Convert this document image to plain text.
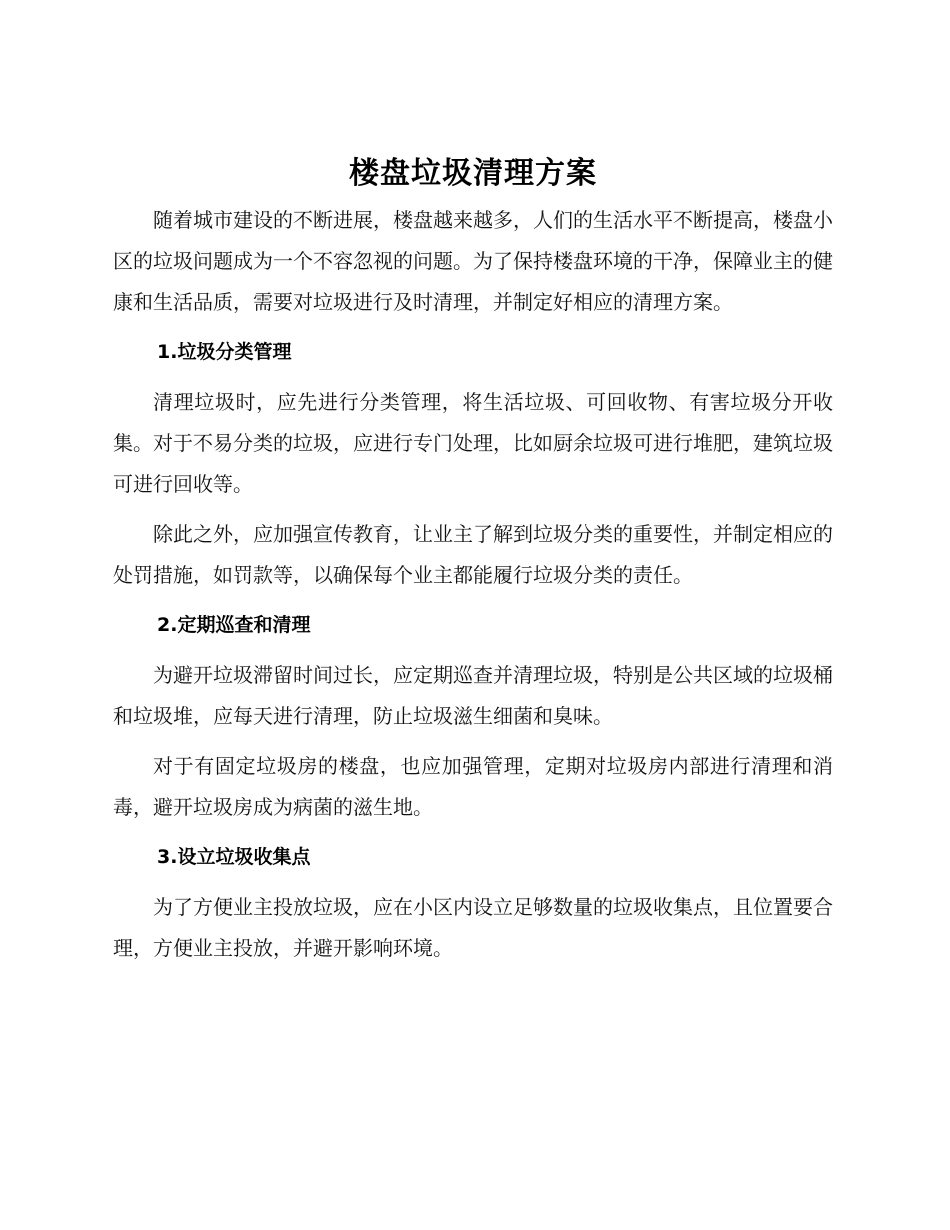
楼盘垃圾清理方案

随着城市建设的不断进展，楼盘越来越多，人们的生活水平不断提高，楼盘小区的垃圾问题成为一个不容忽视的问题。为了保持楼盘环境的干净，保障业主的健康和生活品质，需要对垃圾进行及时清理，并制定好相应的清理方案。

1.垃圾分类管理

清理垃圾时，应先进行分类管理，将生活垃圾、可回收物、有害垃圾分开收集。对于不易分类的垃圾，应进行专门处理，比如厨余垃圾可进行堆肥，建筑垃圾可进行回收等。

除此之外，应加强宣传教育，让业主了解到垃圾分类的重要性，并制定相应的处罚措施，如罚款等，以确保每个业主都能履行垃圾分类的责任。

2.定期巡查和清理

为避开垃圾滞留时间过长，应定期巡查并清理垃圾，特别是公共区域的垃圾桶和垃圾堆，应每天进行清理，防止垃圾滋生细菌和臭味。

对于有固定垃圾房的楼盘，也应加强管理，定期对垃圾房内部进行清理和消毒，避开垃圾房成为病菌的滋生地。

3.设立垃圾收集点

为了方便业主投放垃圾，应在小区内设立足够数量的垃圾收集点，且位置要合理，方便业主投放，并避开影响环境。
